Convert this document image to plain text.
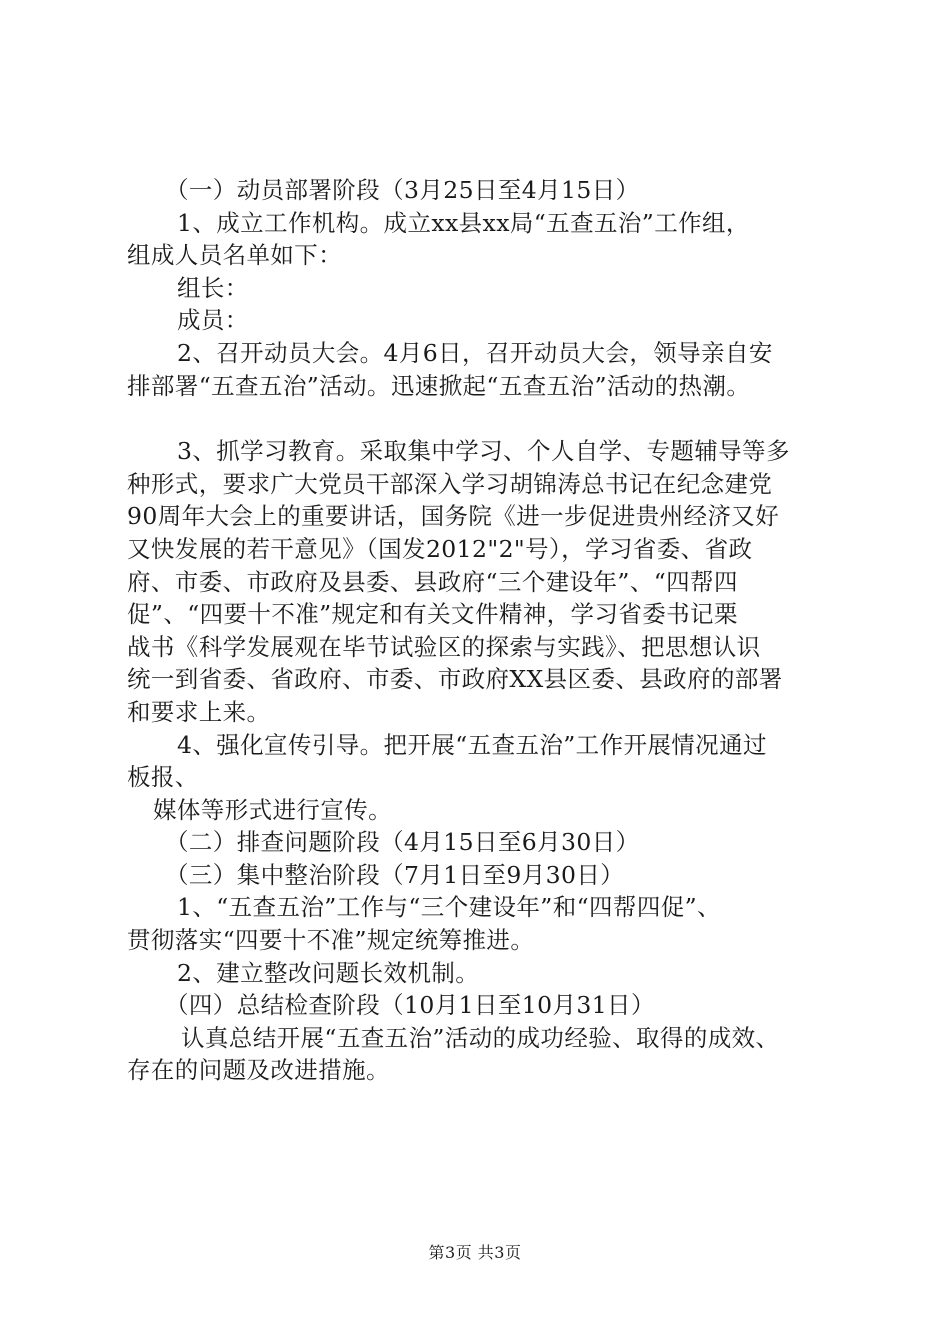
（一）动员部署阶段（3月25日至4月15日）
1、成立工作机构。成立xx县xx局“五查五治”工作组，
组成人员名单如下：
组长：
成员：
2、召开动员大会。4月6日，召开动员大会，领导亲自安
排部署“五查五治”活动。迅速掀起“五查五治”活动的热潮。
3、抓学习教育。采取集中学习、个人自学、专题辅导等多
种形式，要求广大党员干部深入学习胡锦涛总书记在纪念建党
90周年大会上的重要讲话，国务院《进一步促进贵州经济又好
又快发展的若干意见》（国发2012"2"号），学习省委、省政
府、市委、市政府及县委、县政府“三个建设年”、“四帮四
促”、“四要十不准”规定和有关文件精神，学习省委书记栗
战书《科学发展观在毕节试验区的探索与实践》、把思想认识
统一到省委、省政府、市委、市政府XX县区委、县政府的部署
和要求上来。
4、强化宣传引导。把开展“五查五治”工作开展情况通过
板报、
媒体等形式进行宣传。
（二）排查问题阶段（4月15日至6月30日）
（三）集中整治阶段（7月1日至9月30日）
1、“五查五治”工作与“三个建设年”和“四帮四促”、
贯彻落实“四要十不准”规定统筹推进。
2、建立整改问题长效机制。
（四）总结检查阶段（10月1日至10月31日）
认真总结开展“五查五治”活动的成功经验、取得的成效、
存在的问题及改进措施。
第3页 共3页
